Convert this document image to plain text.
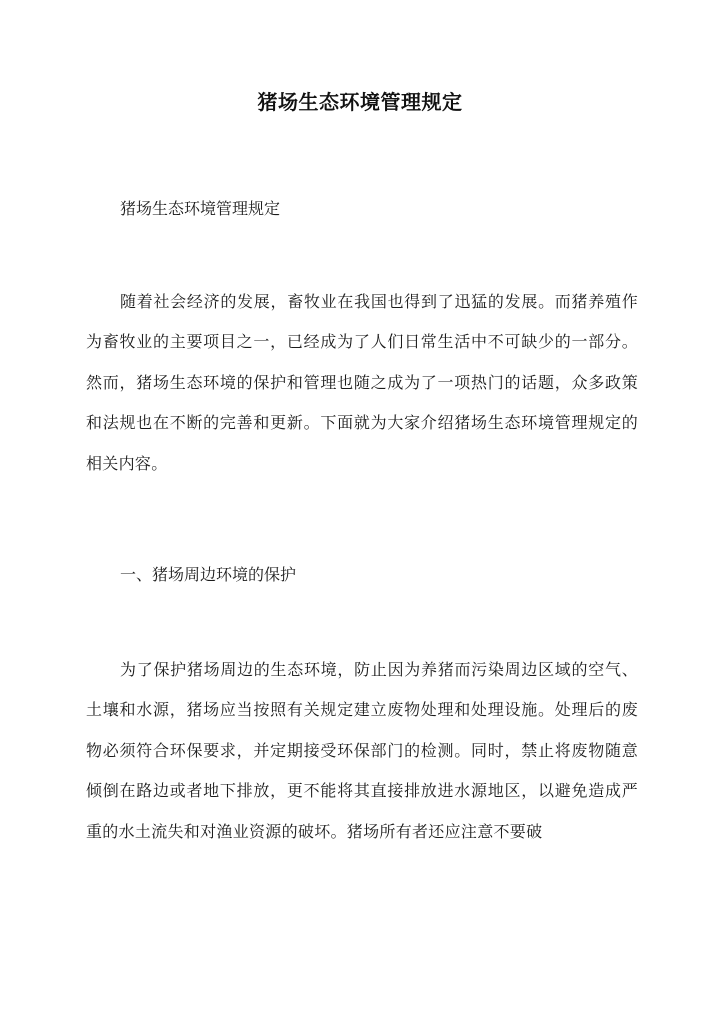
猪场生态环境管理规定
猪场生态环境管理规定
随着社会经济的发展，畜牧业在我国也得到了迅猛的发展。而猪养殖作为畜牧业的主要项目之一，已经成为了人们日常生活中不可缺少的一部分。然而，猪场生态环境的保护和管理也随之成为了一项热门的话题，众多政策和法规也在不断的完善和更新。下面就为大家介绍猪场生态环境管理规定的相关内容。
一、猪场周边环境的保护
为了保护猪场周边的生态环境，防止因为养猪而污染周边区域的空气、土壤和水源，猪场应当按照有关规定建立废物处理和处理设施。处理后的废物必须符合环保要求，并定期接受环保部门的检测。同时，禁止将废物随意倾倒在路边或者地下排放，更不能将其直接排放进水源地区，以避免造成严重的水土流失和对渔业资源的破坏。猪场所有者还应注意不要破
